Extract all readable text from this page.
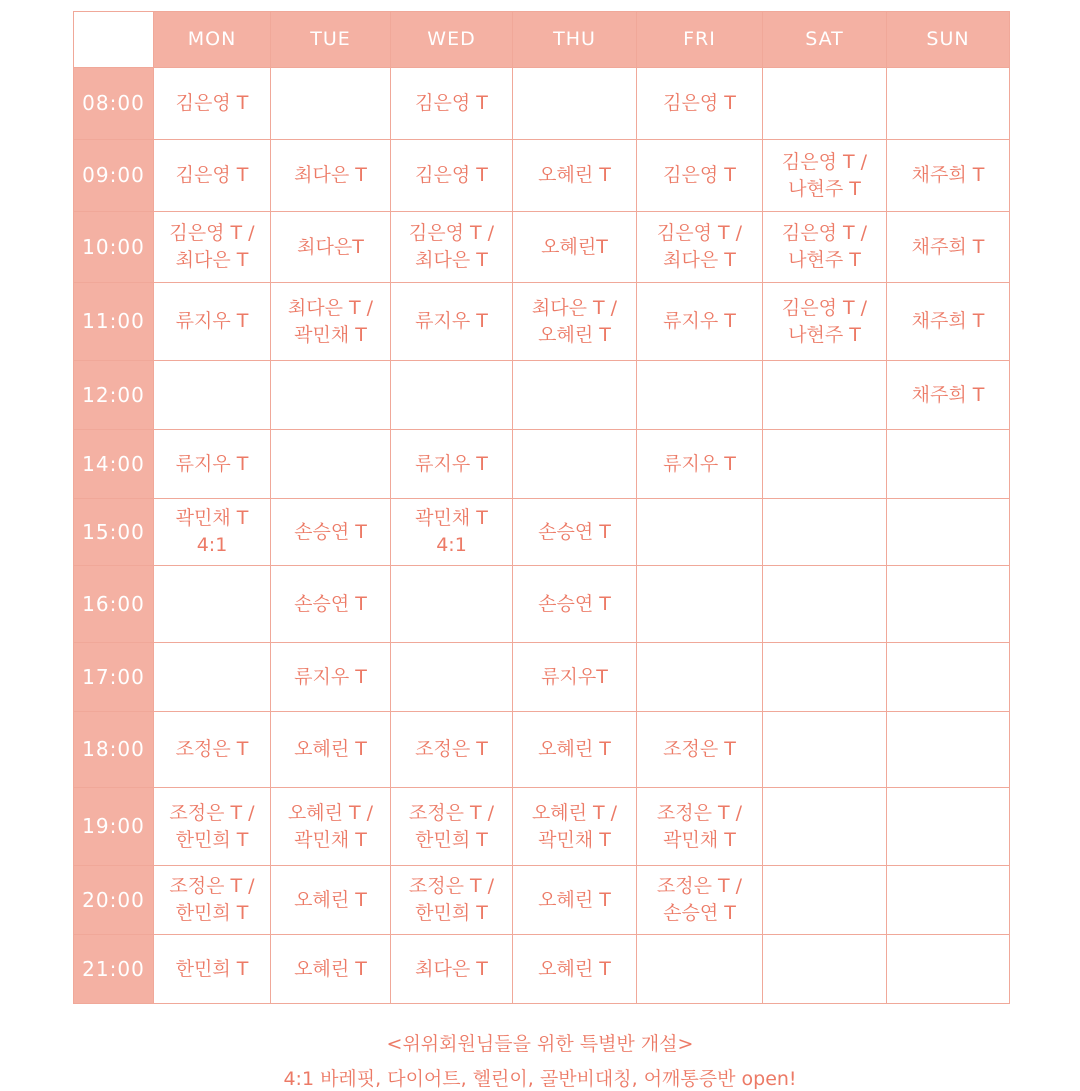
	MON	TUE	WED	THU	FRI	SAT	SUN
08:00	김은영 T		김은영 T		김은영 T		

09:00	김은영 T	최다은 T	김은영 T	오혜린 T	김은영 T	김은영 T /
나현주 T	채주희 T

10:00	김은영 T /
최다은 T	최다은T	김은영 T /
최다은 T	오혜린T	김은영 T /
최다은 T	김은영 T /
나현주 T	채주희 T

11:00	류지우 T	최다은 T /
곽민채 T	류지우 T	최다은 T /
오혜린 T	류지우 T	김은영 T /
나현주 T	채주희 T

12:00							채주희 T

14:00	류지우 T		류지우 T		류지우 T		

15:00	곽민채 T
4:1	손승연 T	곽민채 T
4:1	손승연 T			

16:00		손승연 T		손승연 T			

17:00		류지우 T		류지우T			

18:00	조정은 T	오혜린 T	조정은 T	오혜린 T	조정은 T		

19:00	조정은 T /
한민희 T	오혜린 T /
곽민채 T	조정은 T /
한민희 T	오혜린 T /
곽민채 T	조정은 T /
곽민채 T		

20:00	조정은 T /
한민희 T	오혜린 T	조정은 T /
한민희 T	오혜린 T	조정은 T /
손승연 T		

21:00	한민희 T	오혜린 T	최다은 T	오혜린 T			

<위위회원님들을 위한 특별반 개설>
4:1 바레핏, 다이어트, 헬린이, 골반비대칭, 어깨통증반 open!
